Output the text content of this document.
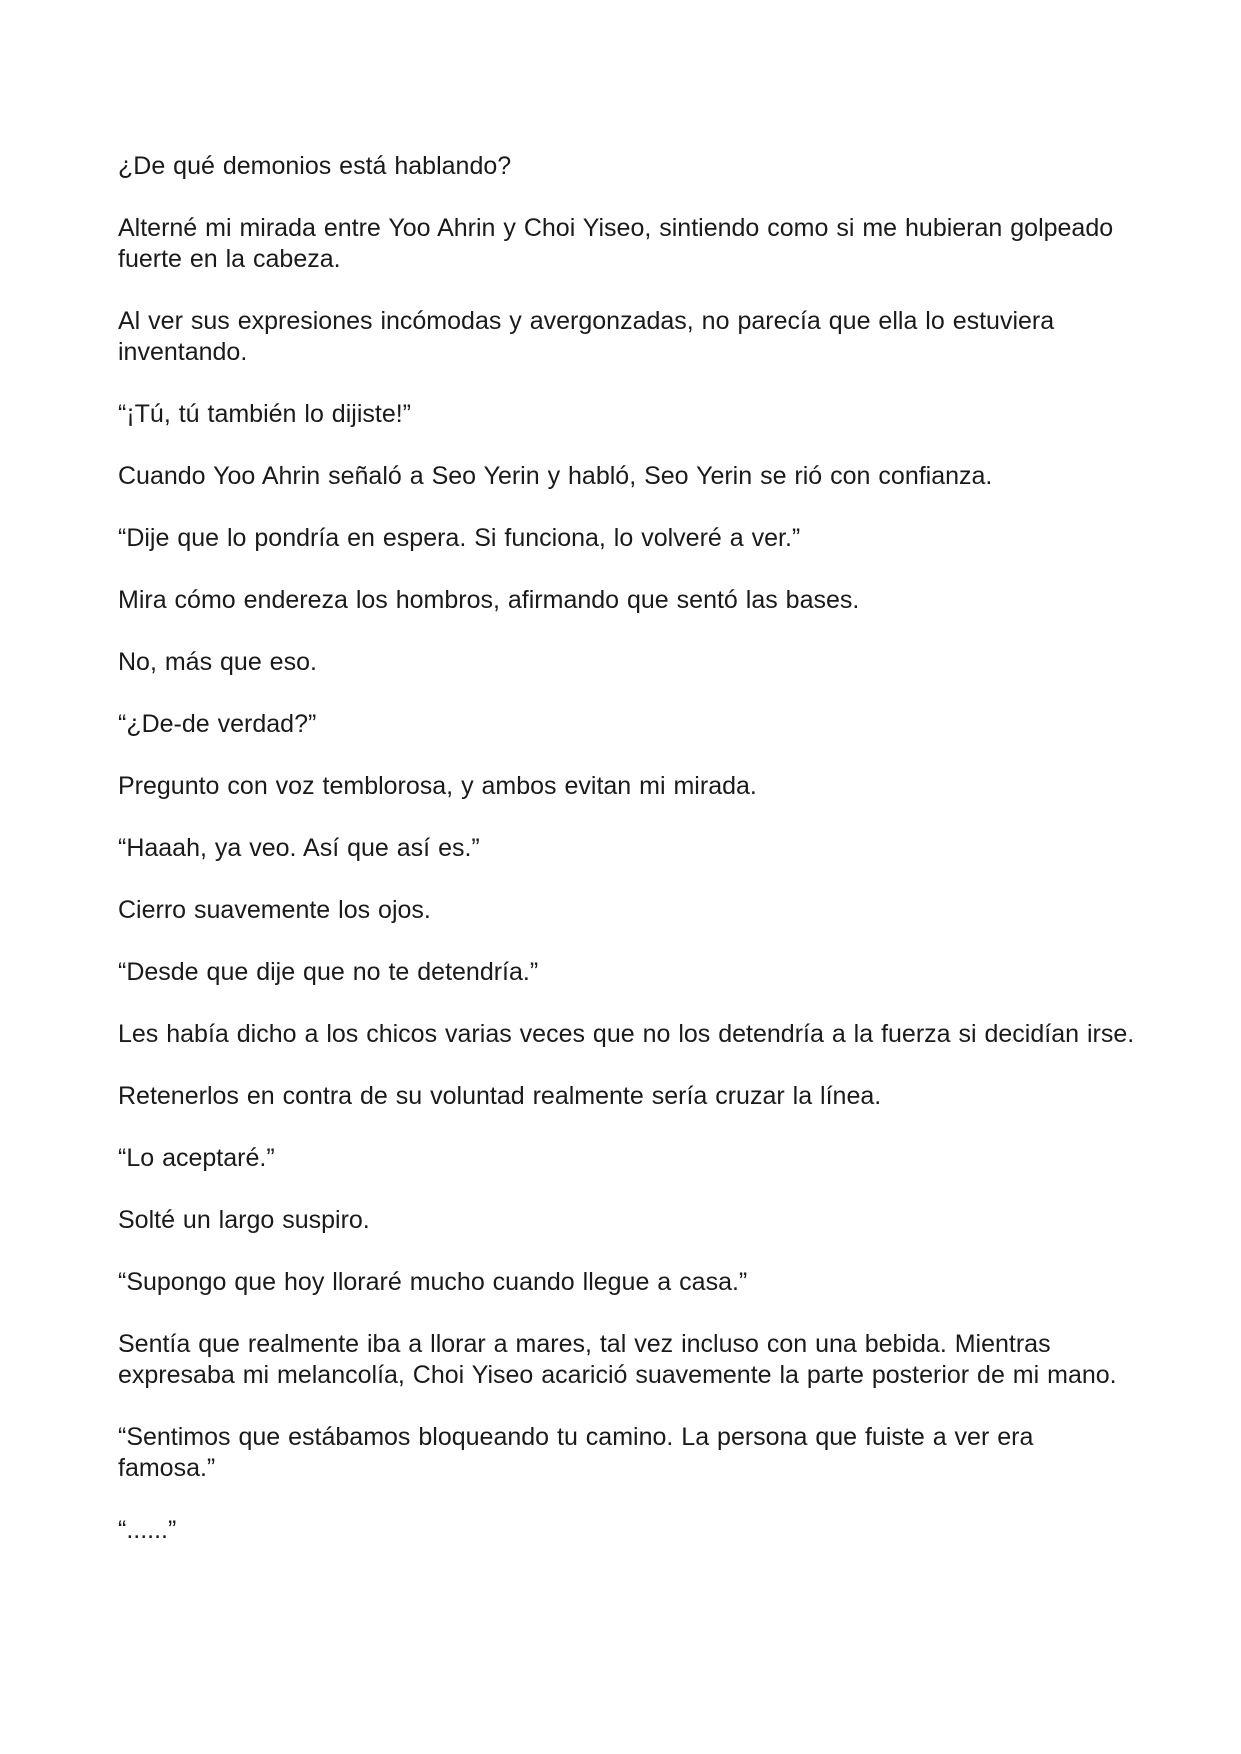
¿De qué demonios está hablando?

Alterné mi mirada entre Yoo Ahrin y Choi Yiseo, sintiendo como si me hubieran golpeado fuerte en la cabeza.

Al ver sus expresiones incómodas y avergonzadas, no parecía que ella lo estuviera inventando.

“¡Tú, tú también lo dijiste!”

Cuando Yoo Ahrin señaló a Seo Yerin y habló, Seo Yerin se rió con confianza.

“Dije que lo pondría en espera. Si funciona, lo volveré a ver.”

Mira cómo endereza los hombros, afirmando que sentó las bases.

No, más que eso.

“¿De-de verdad?”

Pregunto con voz temblorosa, y ambos evitan mi mirada.

“Haaah, ya veo. Así que así es.”

Cierro suavemente los ojos.

“Desde que dije que no te detendría.”

Les había dicho a los chicos varias veces que no los detendría a la fuerza si decidían irse.

Retenerlos en contra de su voluntad realmente sería cruzar la línea.

“Lo aceptaré.”

Solté un largo suspiro.

“Supongo que hoy lloraré mucho cuando llegue a casa.”

Sentía que realmente iba a llorar a mares, tal vez incluso con una bebida. Mientras expresaba mi melancolía, Choi Yiseo acarició suavemente la parte posterior de mi mano.

“Sentimos que estábamos bloqueando tu camino. La persona que fuiste a ver era famosa.”

“......”
